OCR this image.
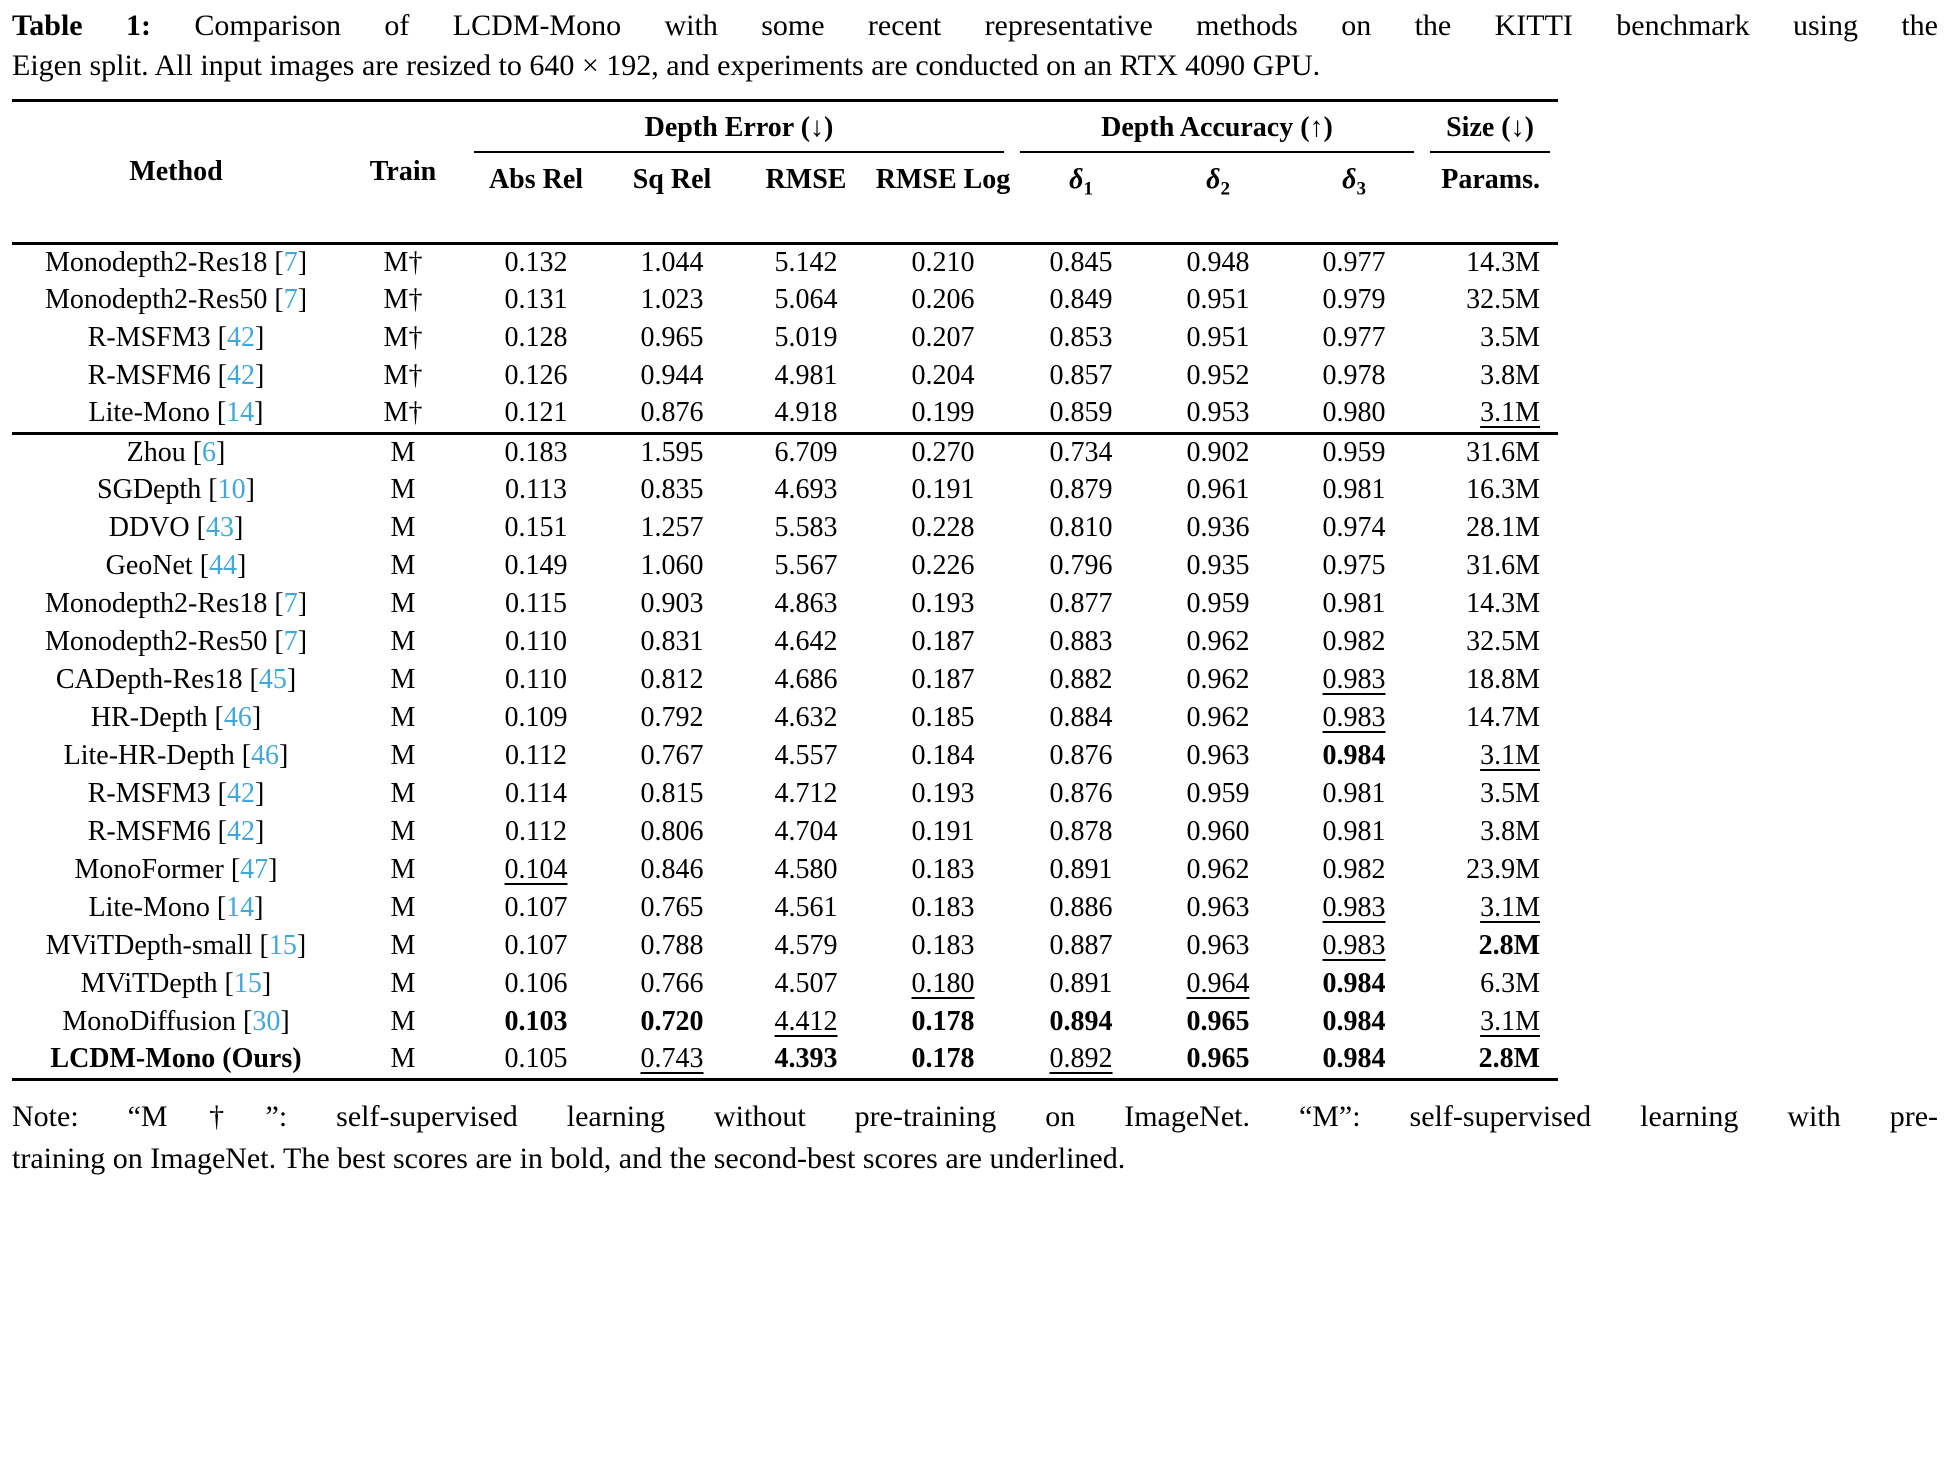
Table 1: Comparison of LCDM-Mono with some recent representative methods on the KITTI benchmark using the
Eigen split. All input images are resized to 640 × 192, and experiments are conducted on an RTX 4090 GPU.
Method	Train	Depth Error (↓)				Depth Accuracy (↑)			Size (↓)

		Abs Rel	Sq Rel	RMSE	RMSE Log	$\delta_1$	$\delta_2$	$\delta_3$	Params.
Monodepth2-Res18 [7]	M†	0.132	1.044	5.142	0.210	0.845	0.948	0.977	14.3M
Monodepth2-Res50 [7]	M†	0.131	1.023	5.064	0.206	0.849	0.951	0.979	32.5M
R-MSFM3 [42]	M†	0.128	0.965	5.019	0.207	0.853	0.951	0.977	3.5M
R-MSFM6 [42]	M†	0.126	0.944	4.981	0.204	0.857	0.952	0.978	3.8M
Lite-Mono [14]	M†	0.121	0.876	4.918	0.199	0.859	0.953	0.980	3.1M
Zhou [6]	M	0.183	1.595	6.709	0.270	0.734	0.902	0.959	31.6M
SGDepth [10]	M	0.113	0.835	4.693	0.191	0.879	0.961	0.981	16.3M
DDVO [43]	M	0.151	1.257	5.583	0.228	0.810	0.936	0.974	28.1M
GeoNet [44]	M	0.149	1.060	5.567	0.226	0.796	0.935	0.975	31.6M
Monodepth2-Res18 [7]	M	0.115	0.903	4.863	0.193	0.877	0.959	0.981	14.3M
Monodepth2-Res50 [7]	M	0.110	0.831	4.642	0.187	0.883	0.962	0.982	32.5M
CADepth-Res18 [45]	M	0.110	0.812	4.686	0.187	0.882	0.962	0.983	18.8M
HR-Depth [46]	M	0.109	0.792	4.632	0.185	0.884	0.962	0.983	14.7M
Lite-HR-Depth [46]	M	0.112	0.767	4.557	0.184	0.876	0.963	0.984	3.1M
R-MSFM3 [42]	M	0.114	0.815	4.712	0.193	0.876	0.959	0.981	3.5M
R-MSFM6 [42]	M	0.112	0.806	4.704	0.191	0.878	0.960	0.981	3.8M
MonoFormer [47]	M	0.104	0.846	4.580	0.183	0.891	0.962	0.982	23.9M
Lite-Mono [14]	M	0.107	0.765	4.561	0.183	0.886	0.963	0.983	3.1M
MViTDepth-small [15]	M	0.107	0.788	4.579	0.183	0.887	0.963	0.983	2.8M
MViTDepth [15]	M	0.106	0.766	4.507	0.180	0.891	0.964	0.984	6.3M
MonoDiffusion [30]	M	0.103	0.720	4.412	0.178	0.894	0.965	0.984	3.1M
LCDM-Mono (Ours)	M	0.105	0.743	4.393	0.178	0.892	0.965	0.984	2.8M
Note: “M†”: self-supervised learning without pre-training on ImageNet. “M”: self-supervised learning with pre-
training on ImageNet. The best scores are in bold, and the second-best scores are underlined.
